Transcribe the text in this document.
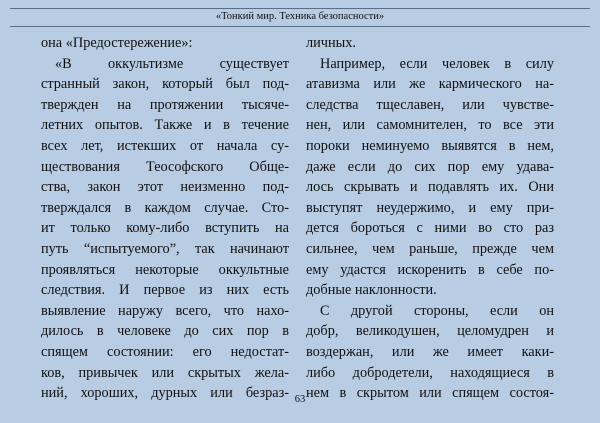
«Тонкий мир. Техника безопасности»
она «Предостережение»:
«В оккультизме существует
странный закон, который был под-
твержден на протяжении тысяче-
летних опытов. Также и в течение
всех лет, истекших от начала су-
ществования Теософского Обще-
ства, закон этот неизменно под-
тверждался в каждом случае. Сто-
ит только кому-либо вступить на
путь “испытуемого”, так начинают
проявляться некоторые оккультные
следствия. И первое из них есть
выявление наружу всего, что нахо-
дилось в человеке до сих пор в
спящем состоянии: его недостат-
ков, привычек или скрытых жела-
ний, хороших, дурных или безраз-
личных.
Например, если человек в силу
атавизма или же кармического на-
следства тщеславен, или чувстве-
нен, или самомнителен, то все эти
пороки неминуемо выявятся в нем,
даже если до сих пор ему удава-
лось скрывать и подавлять их. Они
выступят неудержимо, и ему при-
дется бороться с ними во сто раз
сильнее, чем раньше, прежде чем
ему удастся искоренить в себе по-
добные наклонности.
С другой стороны, если он
добр, великодушен, целомудрен и
воздержан, или же имеет каки-
либо добродетели, находящиеся в
нем в скрытом или спящем состоя-
63
